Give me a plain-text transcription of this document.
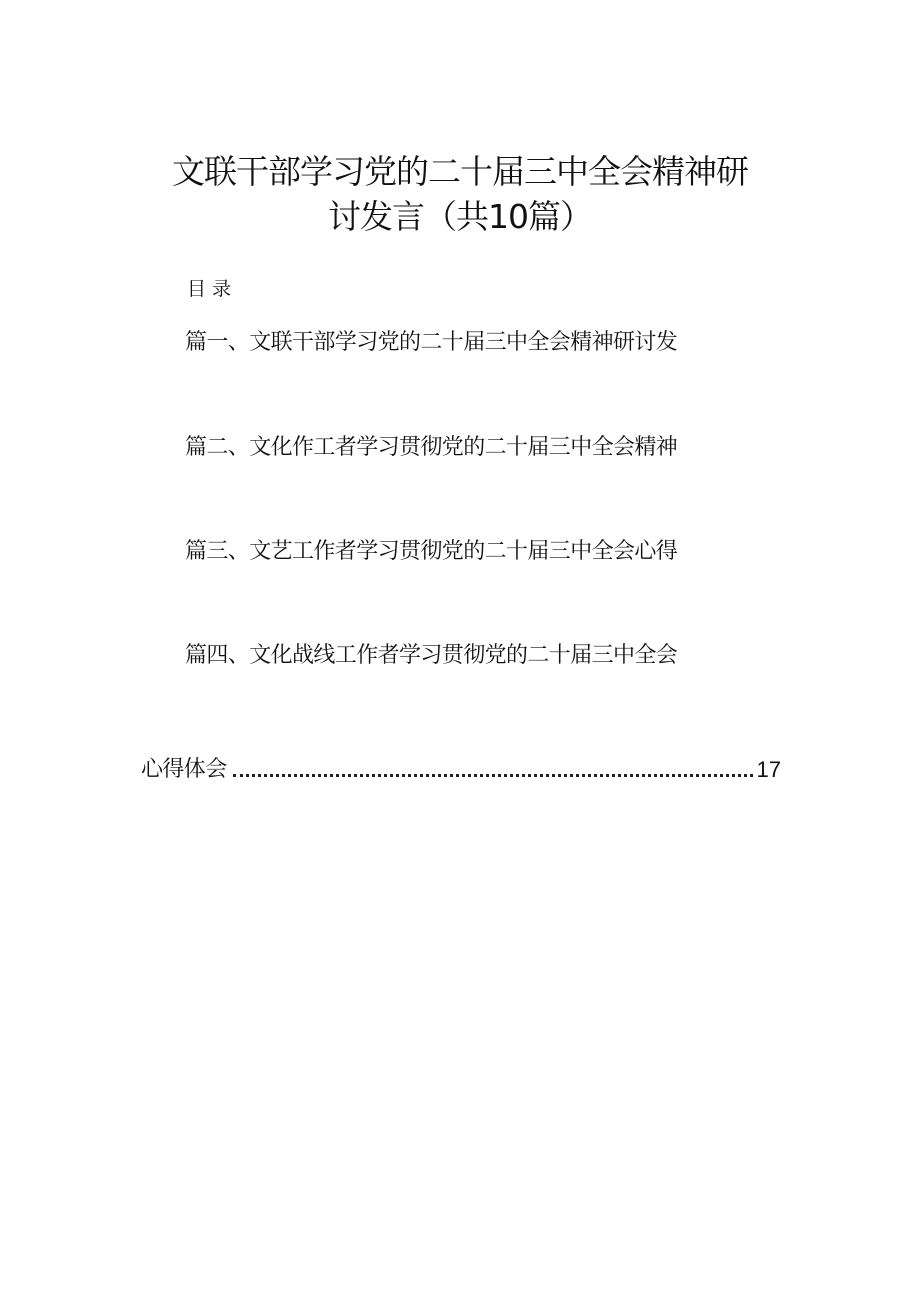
文联干部学习党的二十届三中全会精神研
讨发言（共10篇）
目录
篇一、文联干部学习党的二十届三中全会精神研讨发
篇二、文化作工者学习贯彻党的二十届三中全会精神
篇三、文艺工作者学习贯彻党的二十届三中全会心得
篇四、文化战线工作者学习贯彻党的二十届三中全会
心得体会	17
